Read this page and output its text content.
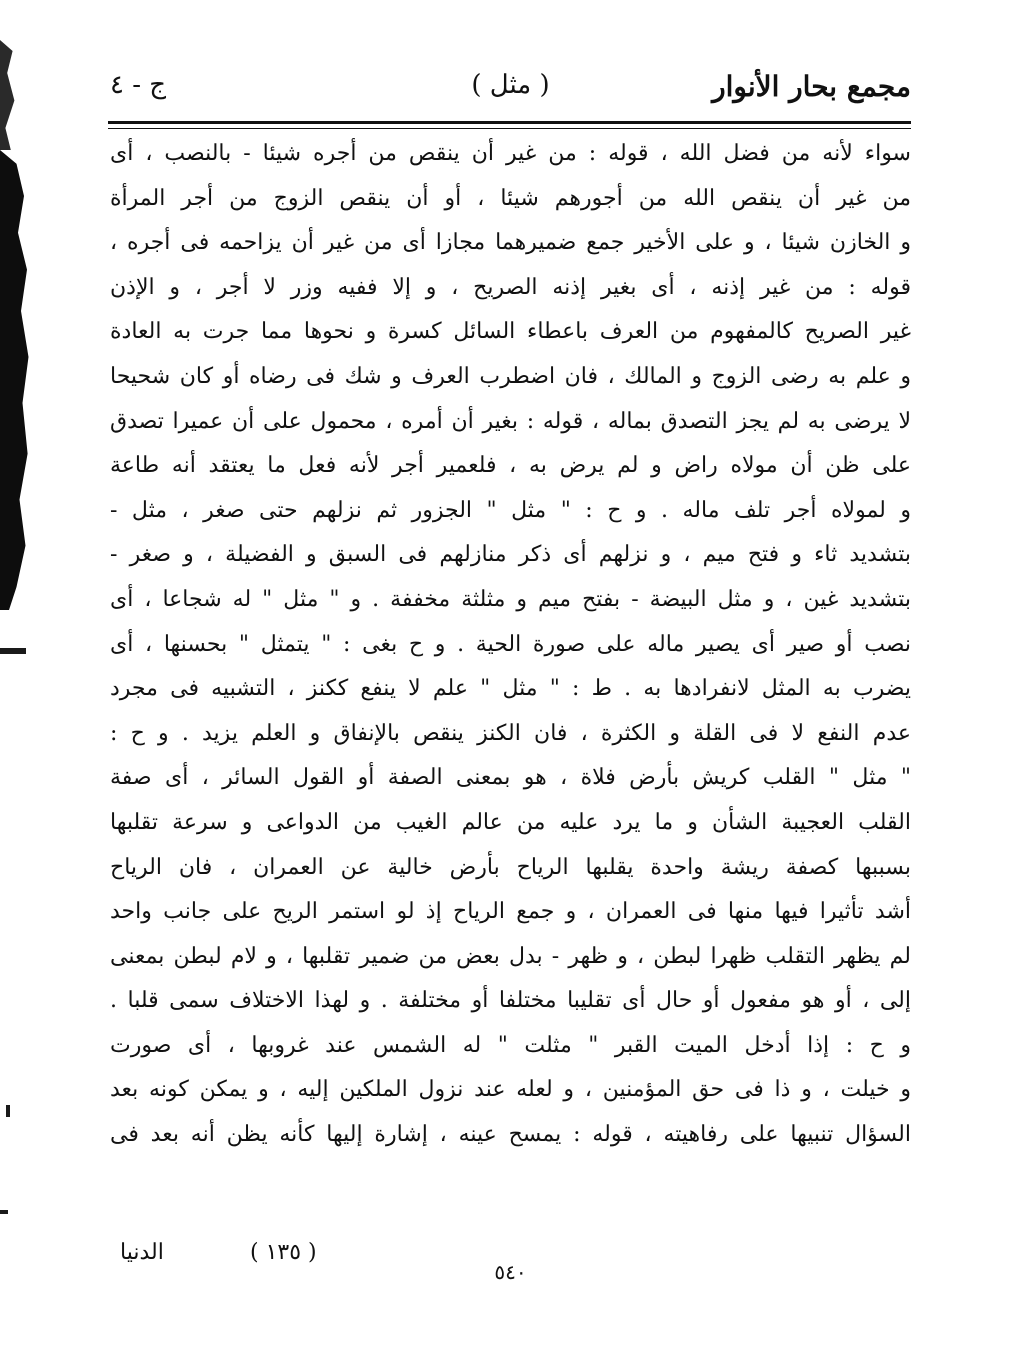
مجمع بحار الأنوار
( مثل )
ج - ٤
سواء لأنه من فضل الله ، قوله : من غير أن ينقص من أجره شيئا - بالنصب ، أى
من غير أن ينقص الله من أجورهم شيئا ، أو أن ينقص الزوج من أجر المرأة
و الخازن شيئا ، و على الأخير جمع ضميرهما مجازا أى من غير أن يزاحمه فى أجره ،
قوله : من غير إذنه ، أى بغير إذنه الصريح ، و إلا ففيه وزر لا أجر ، و الإذن
غير الصريح كالمفهوم من العرف باعطاء السائل كسرة و نحوها مما جرت به العادة
و علم به رضى الزوج و المالك ، فان اضطرب العرف و شك فى رضاه أو كان شحيحا
لا يرضى به لم يجز التصدق بماله ، قوله : بغير أن أمره ، محمول على أن عميرا تصدق
على ظن أن مولاه راض و لم يرض به ، فلعمير أجر لأنه فعل ما يعتقد أنه طاعة
و لمولاه أجر تلف ماله . و ح : " مثل " الجزور ثم نزلهم حتى صغر ، مثل -
بتشديد ثاء و فتح ميم ، و نزلهم أى ذكر منازلهم فى السبق و الفضيلة ، و صغر -
بتشديد غين ، و مثل البيضة - بفتح ميم و مثلثة مخففة . و " مثل " له شجاعا ، أى
نصب أو صير أى يصير ماله على صورة الحية . و ح بغى : " يتمثل " بحسنها ، أى
يضرب به المثل لانفرادها به . ط : " مثل " علم لا ينفع ككنز ، التشبيه فى مجرد
عدم النفع لا فى القلة و الكثرة ، فان الكنز ينقص بالإنفاق و العلم يزيد . و ح :
" مثل " القلب كريش بأرض فلاة ، هو بمعنى الصفة أو القول السائر ، أى صفة
القلب العجيبة الشأن و ما يرد عليه من عالم الغيب من الدواعى و سرعة تقلبها
بسببها كصفة ريشة واحدة يقلبها الرياح بأرض خالية عن العمران ، فان الرياح
أشد تأثيرا فيها منها فى العمران ، و جمع الرياح إذ لو استمر الريح على جانب واحد
لم يظهر التقلب ظهرا لبطن ، و ظهر - بدل بعض من ضمير تقلبها ، و لام لبطن بمعنى
إلى ، أو هو مفعول أو حال أى تقليبا مختلفا أو مختلفة . و لهذا الاختلاف سمى قلبا .
و ح : إذا أدخل الميت القبر " مثلت " له الشمس عند غروبها ، أى صورت
و خيلت ، و ذا فى حق المؤمنين ، و لعله عند نزول الملكين إليه ، و يمكن كونه بعد
السؤال تنبيها على رفاهيته ، قوله : يمسح عينه ، إشارة إليها كأنه يظن أنه بعد فى
الدنيا	( ١٣٥ )
٥٤٠
